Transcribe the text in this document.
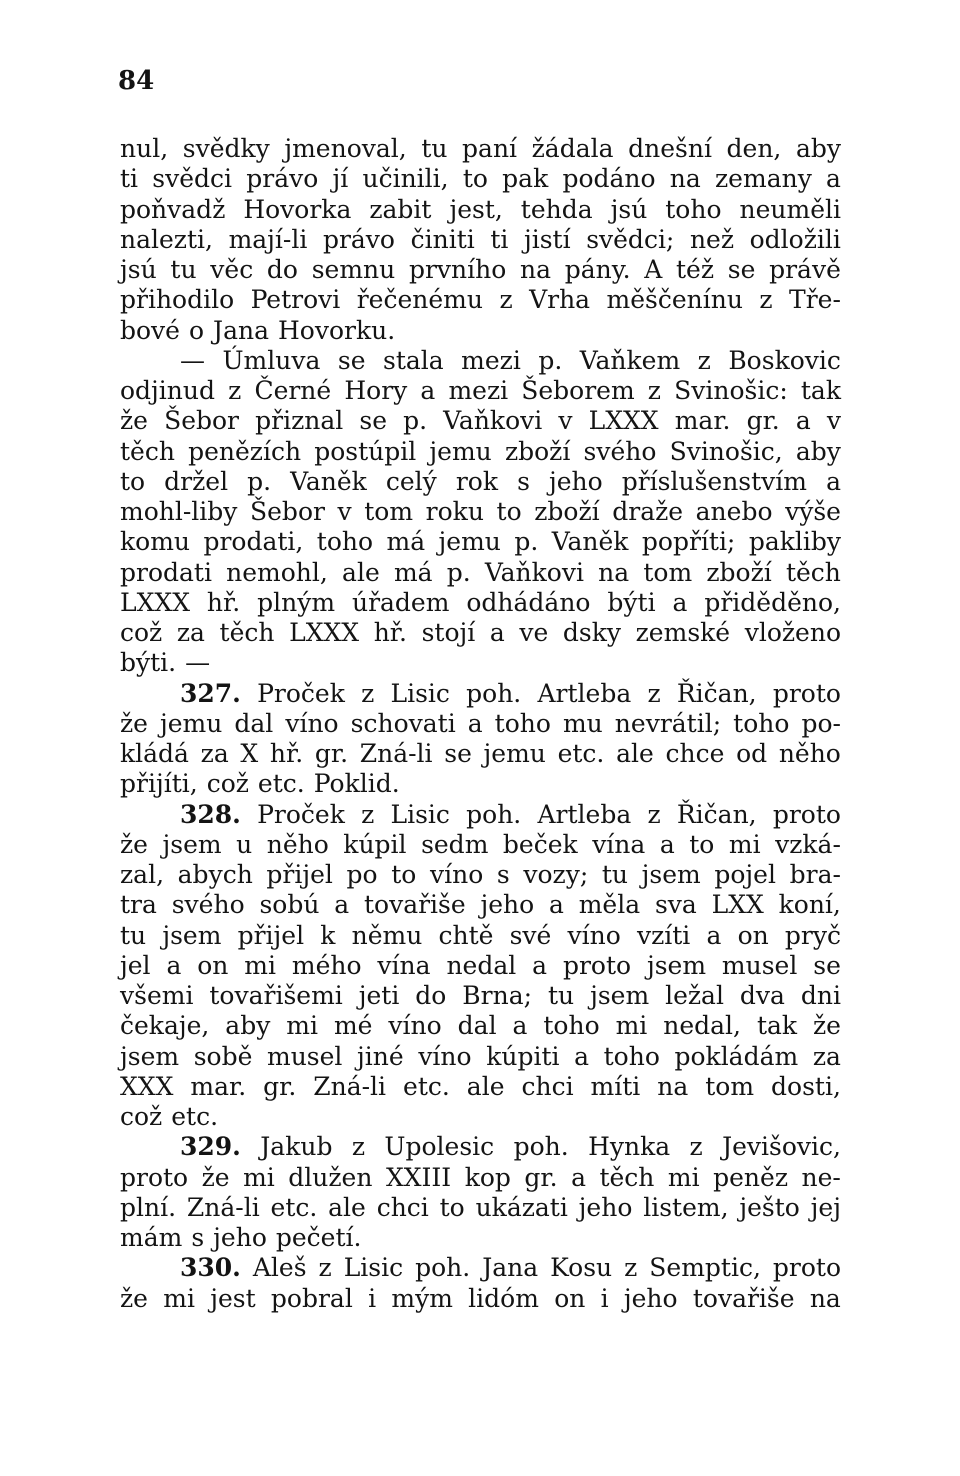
84
nul, svědky jmenoval, tu paní žádala dnešní den, aby
ti svědci právo jí učinili, to pak podáno na zemany a
poňvadž Hovorka zabit jest, tehda jsú toho neuměli
nalezti, mají-li právo činiti ti jistí svědci; než odložili
jsú tu věc do semnu prvního na pány. A též se právě
přihodilo Petrovi řečenému z Vrha měščenínu z Tře-
bové o Jana Hovorku.
— Úmluva se stala mezi p. Vaňkem z Boskovic
odjinud z Černé Hory a mezi Šeborem z Svinošic: tak
že Šebor přiznal se p. Vaňkovi v LXXX mar. gr. a v
těch penězích postúpil jemu zboží svého Svinošic, aby
to držel p. Vaněk celý rok s jeho příslušenstvím a
mohl-liby Šebor v tom roku to zboží draže anebo výše
komu prodati, toho má jemu p. Vaněk popříti; pakliby
prodati nemohl, ale má p. Vaňkovi na tom zboží těch
LXXX hř. plným úřadem odhádáno býti a přiděděno,
což za těch LXXX hř. stojí a ve dsky zemské vloženo
býti. —
327. Proček z Lisic poh. Artleba z Řičan, proto
že jemu dal víno schovati a toho mu nevrátil; toho po-
kládá za X hř. gr. Zná-li se jemu etc. ale chce od něho
přijíti, což etc. Poklid.
328. Proček z Lisic poh. Artleba z Řičan, proto
že jsem u něho kúpil sedm beček vína a to mi vzká-
zal, abych přijel po to víno s vozy; tu jsem pojel bra-
tra svého sobú a tovařiše jeho a měla sva LXX koní,
tu jsem přijel k němu chtě své víno vzíti a on pryč
jel a on mi mého vína nedal a proto jsem musel se
všemi tovařišemi jeti do Brna; tu jsem ležal dva dni
čekaje, aby mi mé víno dal a toho mi nedal, tak že
jsem sobě musel jiné víno kúpiti a toho pokládám za
XXX mar. gr. Zná-li etc. ale chci míti na tom dosti,
což etc.
329. Jakub z Upolesic poh. Hynka z Jevišovic,
proto že mi dlužen XXIII kop gr. a těch mi peněz ne-
plní. Zná-li etc. ale chci to ukázati jeho listem, ješto jej
mám s jeho pečetí.
330. Aleš z Lisic poh. Jana Kosu z Semptic, proto
že mi jest pobral i mým lidóm on i jeho tovařiše na
